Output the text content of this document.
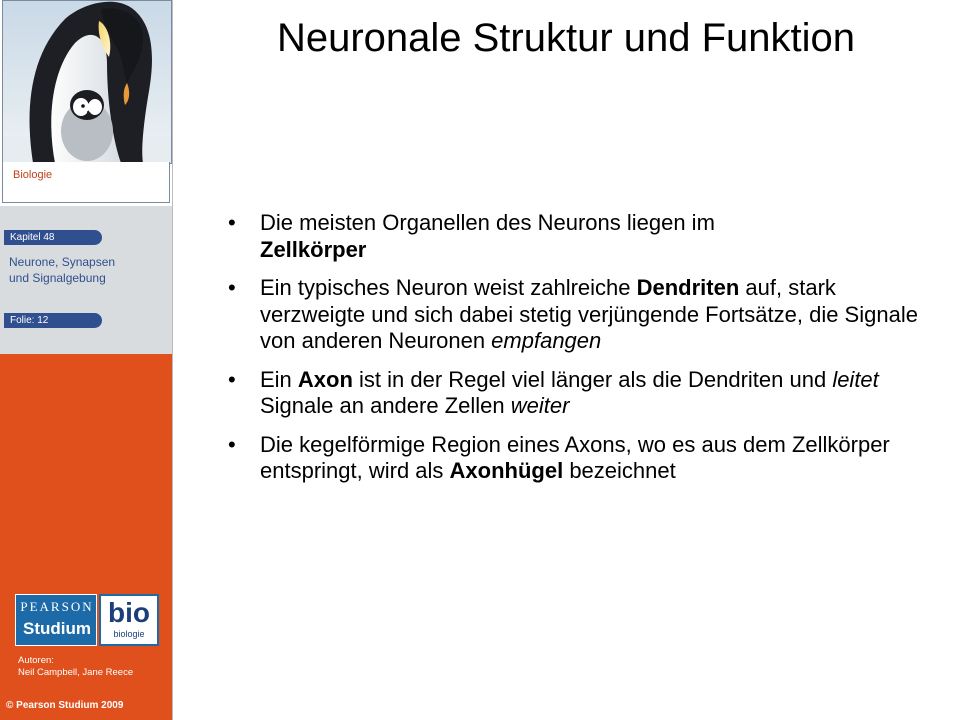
Biologie
Kapitel 48
Neurone, Synapsen
und Signalgebung
Folie: 12
PEARSON
Studium
bio
biologie
Autoren:
Neil Campbell, Jane Reece
© Pearson Studium 2009
Neuronale Struktur und Funktion
• Die meisten Organellen des Neurons liegen im
Zellkörper
• Ein typisches Neuron weist zahlreiche Dendriten auf, stark verzweigte und sich dabei stetig verjüngende Fortsätze, die Signale von anderen Neuronen empfangen
• Ein Axon ist in der Regel viel länger als die Dendriten und leitet Signale an andere Zellen weiter
• Die kegelförmige Region eines Axons, wo es aus dem Zellkörper entspringt, wird als Axonhügel bezeichnet
